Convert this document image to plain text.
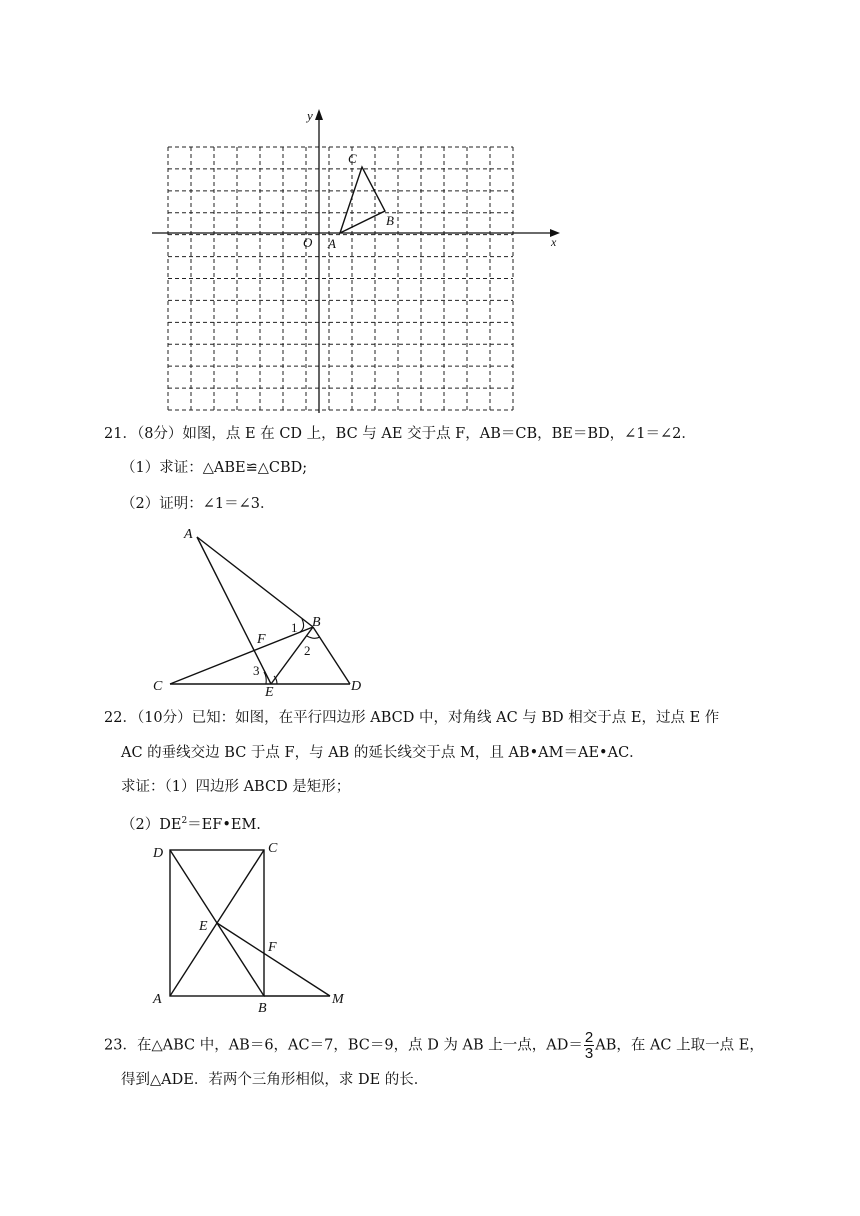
x
y
O A
B
C
21．（8分）如图，点 E 在 CD 上，BC 与 AE 交于点 F，AB＝CB，BE＝BD，∠1＝∠2．
（1）求证：△ABE≌△CBD;
（2）证明：∠1＝∠3．
A
B
C	D
E
F
1
2
3
22．（10分）已知：如图，在平行四边形 ABCD 中，对角线 AC 与 BD 相交于点 E，过点 E 作
AC 的垂线交边 BC 于点 F，与 AB 的延长线交于点 M，且 AB•AM＝AE•AC．
求证：（1）四边形 ABCD 是矩形；
$(2)DE^2=EF•EM$.
D	C
E
F
A
B
M
23．在△ABC 中，AB＝6，AC＝7，BC＝9，点 D 为 AB 上一点，$AD= \frac{2}{3}$ AB，在 AC 上取一点 E，
得到△ADE．若两个三角形相似，求 DE 的长．
